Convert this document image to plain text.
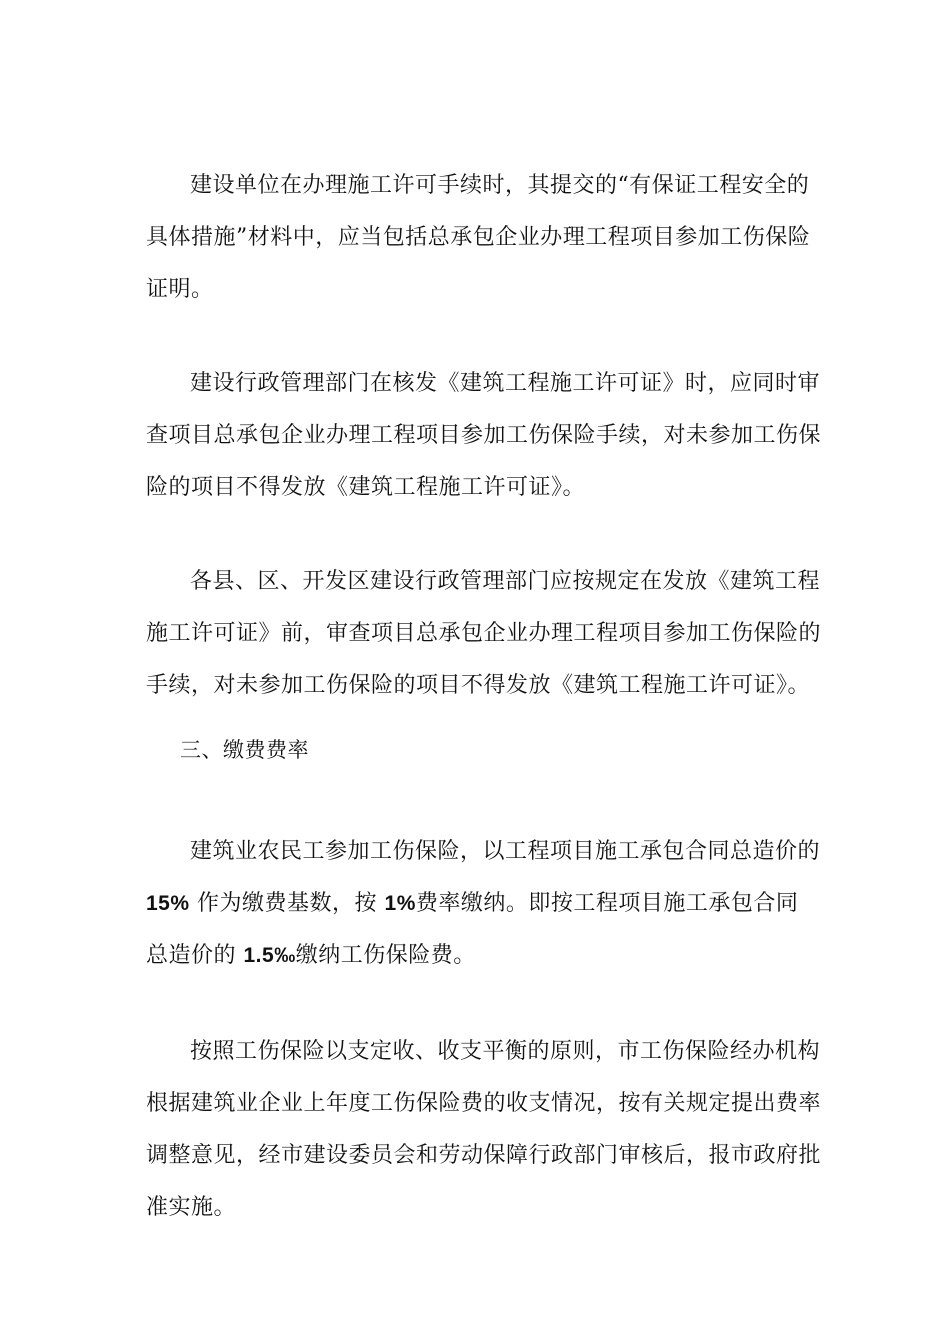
建设单位在办理施工许可手续时，其提交的“有保证工程安全的
具体措施”材料中，应当包括总承包企业办理工程项目参加工伤保险
证明。
建设行政管理部门在核发《建筑工程施工许可证》时，应同时审
查项目总承包企业办理工程项目参加工伤保险手续，对未参加工伤保
险的项目不得发放《建筑工程施工许可证》。
各县、区、开发区建设行政管理部门应按规定在发放《建筑工程
施工许可证》前，审查项目总承包企业办理工程项目参加工伤保险的
手续，对未参加工伤保险的项目不得发放《建筑工程施工许可证》。
三、缴费费率
建筑业农民工参加工伤保险，以工程项目施工承包合同总造价的
15% 作为缴费基数，按 1%费率缴纳。即按工程项目施工承包合同
总造价的 1.5‰缴纳工伤保险费。
按照工伤保险以支定收、收支平衡的原则，市工伤保险经办机构
根据建筑业企业上年度工伤保险费的收支情况，按有关规定提出费率
调整意见，经市建设委员会和劳动保障行政部门审核后，报市政府批
准实施。
